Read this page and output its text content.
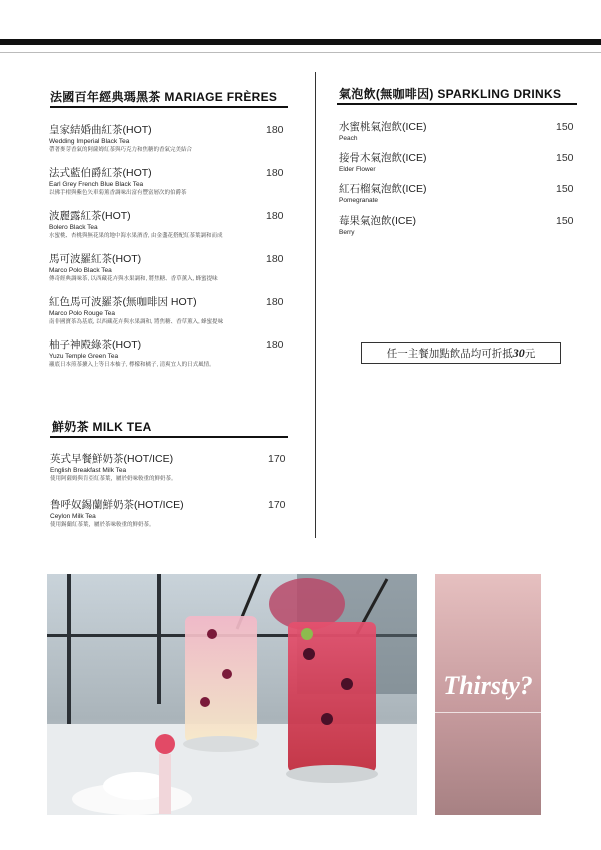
法國百年經典瑪黑茶 MARIAGE FRÈRES
皇家結婚曲紅茶(HOT)
Wedding Imperial Black Tea
帶著麥芽香氣的阿薩姆紅茶與巧克力和焦糖的香氣完美結合
180
法式藍伯爵紅茶(HOT)
Earl Grey French Blue Black Tea
以佛手柑與紫色矢車菊薰香調味出富有豐富層次的伯爵茶
180
波麗露紅茶(HOT)
Bolero Black Tea
水蜜桃、杏桃與無花果的地中海水果酒香, 由金盞花搭配紅茶葉調和而成
180
馬可波羅紅茶(HOT)
Marco Polo Black Tea
傳奇經典調味茶, 以西藏花卉與水果調和, 將焦糖、香草薰入, 蜂蜜提味
180
紅色馬可波羅茶(無咖啡因 HOT)
Marco Polo Rouge Tea
南非國寶茶為基底, 以西藏花卉與水果調和, 將焦糖、香草薰入, 蜂蜜提味
180
柚子神殿綠茶(HOT)
Yuzu Temple Green Tea
襯底日本煎茶擴入上等日本柚子, 檸檬和橘子, 清爽宜人的日式風情。
180
鮮奶茶 MILK TEA
英式早餐鮮奶茶(HOT/ICE)
English Breakfast Milk Tea
使用阿薩姆與肯亞紅茶葉，屬於奶味較重的鮮奶茶。
170
鲁呼奴錫蘭鮮奶茶(HOT/ICE)
Ceylon Milk Tea
使用錫蘭紅茶葉，屬於茶味較重的鮮奶茶。
170
氣泡飲(無咖啡因) SPARKLING DRINKS
水蜜桃氣泡飲(ICE)
Peach
150
接骨木氣泡飲(ICE)
Elder Flower
150
紅石榴氣泡飲(ICE)
Pomegranate
150
莓果氣泡飲(ICE)
Berry
150
任一主餐加點飲品均可折抵 30 元
Thirsty?
